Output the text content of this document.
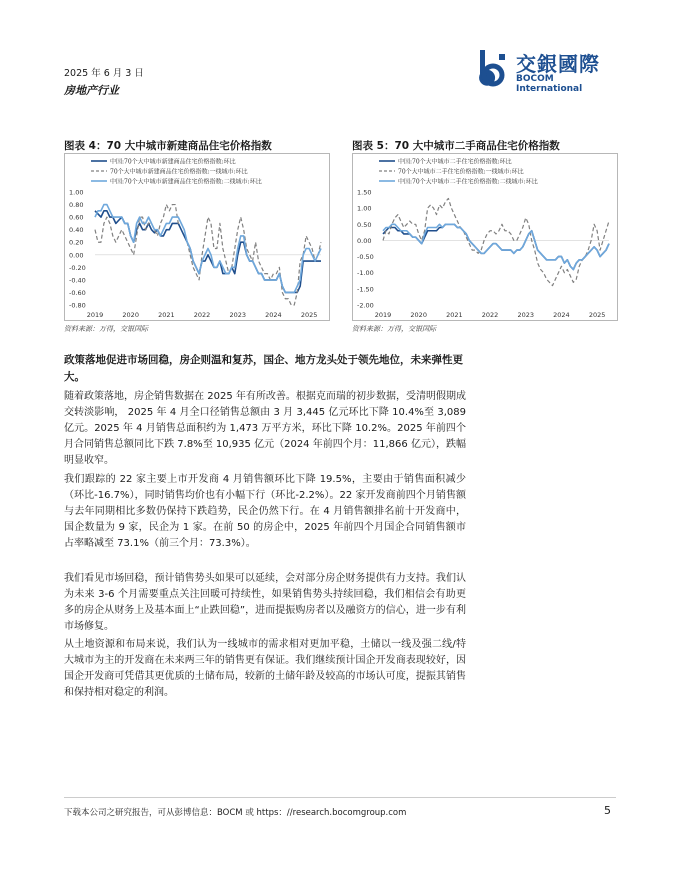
2025 年 6 月 3 日
房地产行业
交銀國際
BOCOM International
图表 4：70 大中城市新建商品住宅价格指数	图表 5：70 大中城市二手商品住宅价格指数
1.00
0.80
0.60
0.40
0.20
0.00
-0.20
-0.40
-0.60
-0.80
2019	2020	2021	2022	2023	2024	2025
中国:70个大中城市新建商品住宅价格指数:环比
70个大中城市新建商品住宅价格指数:一线城市:环比
中国:70个大中城市新建商品住宅价格指数:二线城市:环比
1.50
1.00
0.50
0.00
-0.50
-1.00
-1.50
-2.00
2019	2020	2021	2022	2023	2024	2025
中国:70个大中城市二手住宅价格指数:环比
70个大中城市二手住宅价格指数:一线城市:环比
中国:70个大中城市二手住宅价格指数:二线城市:环比
资料来源：万得，交银国际	资料来源：万得，交银国际
政策落地促进市场回稳，房企则温和复苏，国企、地方龙头处于领先地位，未来弹性更大。
随着政策落地，房企销售数据在 2025 年有所改善。根据克而瑞的初步数据，受清明假期成交转淡影响， 2025 年 4 月全口径销售总额由 3 月 3,445 亿元环比下降 10.4%至 3,089 亿元。2025 年 4 月销售总面积约为 1,473 万平方米，环比下降 10.2%。2025 年前四个月合同销售总额同比下跌 7.8%至 10,935 亿元（2024 年前四个月：11,866 亿元），跌幅明显收窄。
我们跟踪的 22 家主要上市开发商 4 月销售额环比下降 19.5%，主要由于销售面积减少（环比-16.7%），同时销售均价也有小幅下行（环比-2.2%）。22 家开发商前四个月销售额与去年同期相比多数仍保持下跌趋势，民企仍然下行。在 4 月销售额排名前十开发商中，国企数量为 9 家，民企为 1 家。在前 50 的房企中，2025 年前四个月国企合同销售额市占率略减至 73.1%（前三个月：73.3%）。
我们看见市场回稳，预计销售势头如果可以延续，会对部分房企财务提供有力支持。我们认为未来 3-6 个月需要重点关注回暖可持续性，如果销售势头持续回稳，我们相信会有助更多的房企从财务上及基本面上“止跌回稳”，进而提振购房者以及融资方的信心，进一步有利市场修复。
从土地资源和布局来说，我们认为一线城市的需求相对更加平稳，土储以一线及强二线/特大城市为主的开发商在未来两三年的销售更有保证。我们继续预计国企开发商表现较好，因国企开发商可凭借其更优质的土储布局，较新的土储年龄及较高的市场认可度，提振其销售和保持相对稳定的利润。
下载本公司之研究报告，可从彭博信息：BOCM 或 https：//research.bocomgroup.com	5
